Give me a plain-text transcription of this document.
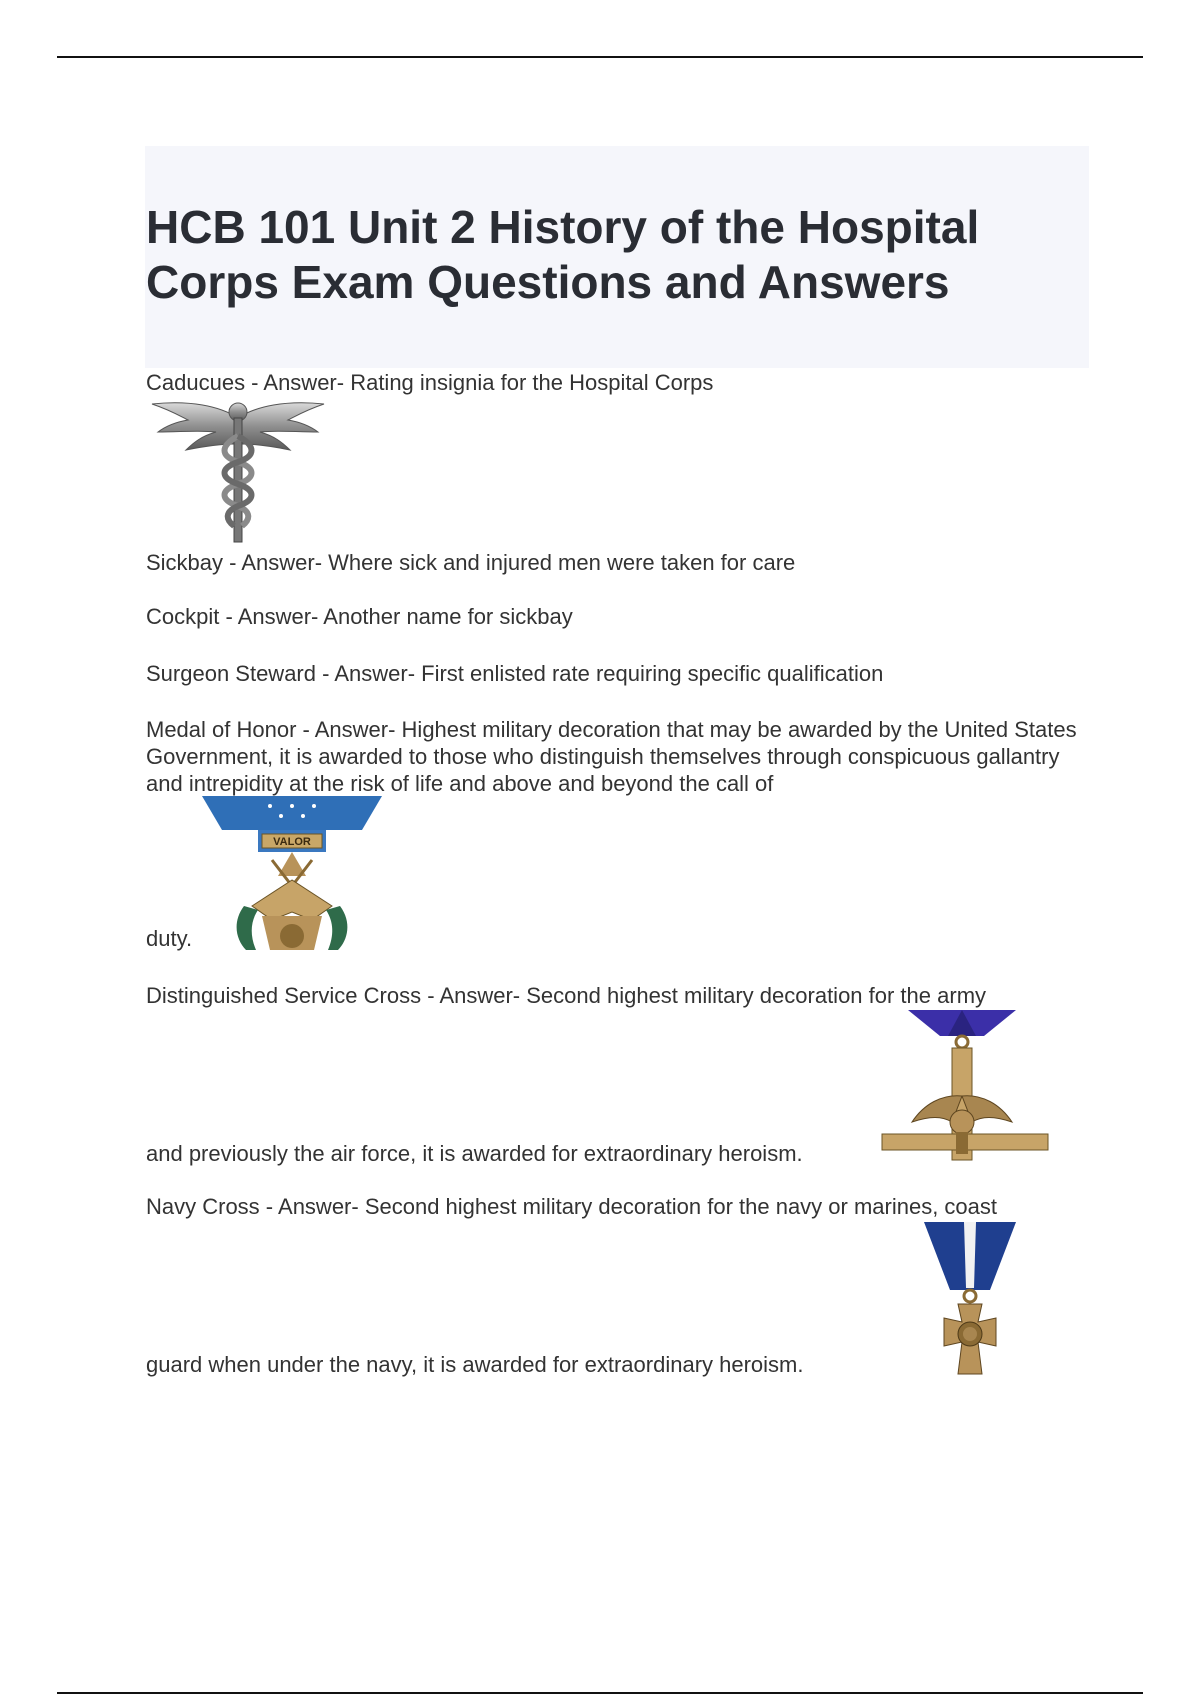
HCB 101 Unit 2 History of the Hospital Corps Exam Questions and Answers
Caducues - Answer- Rating insignia for the Hospital Corps
Sickbay - Answer- Where sick and injured men were taken for care
Cockpit - Answer- Another name for sickbay
Surgeon Steward - Answer- First enlisted rate requiring specific qualification
Medal of Honor - Answer- Highest military decoration that may be awarded by the United States Government, it is awarded to those who distinguish themselves through conspicuous gallantry and intrepidity at the risk of life and above and beyond the call of
VALOR
duty.
Distinguished Service Cross - Answer- Second highest military decoration for the army
and previously the air force, it is awarded for extraordinary heroism.
Navy Cross - Answer- Second highest military decoration for the navy or marines, coast
guard when under the navy, it is awarded for extraordinary heroism.
